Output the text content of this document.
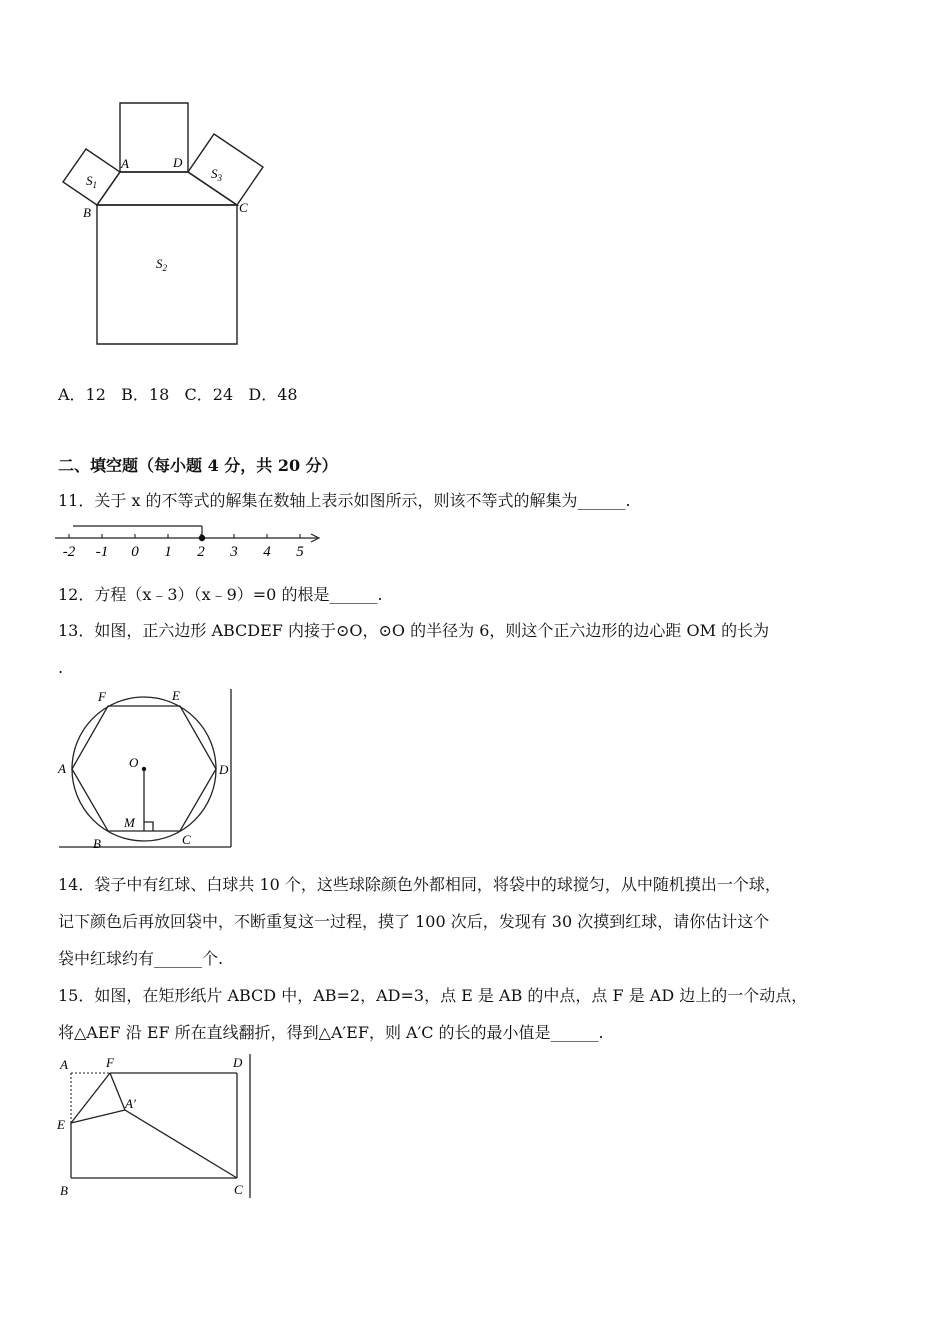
A	D
B	C
$S_1$
$S_3$
$S_2$
A．12   B．18   C．24   D．48
二、填空题（每小题 4 分，共 20 分）
11．关于 x 的不等式的解集在数轴上表示如图所示，则该不等式的解集为______.
-2 -1 0 1 2 3 4 5
12．方程（x﹣3）（x﹣9）=0 的根是______.
13．如图，正六边形 ABCDEF 内接于⊙O，⊙O 的半径为 6，则这个正六边形的边心距 OM 的长为
.
F	E
A	D
O
M
B	C
14．袋子中有红球、白球共 10 个，这些球除颜色外都相同，将袋中的球搅匀，从中随机摸出一个球，
记下颜色后再放回袋中，不断重复这一过程，摸了 100 次后，发现有 30 次摸到红球，请你估计这个
袋中红球约有______个.
15．如图，在矩形纸片 ABCD 中，AB=2，AD=3，点 E 是 AB 的中点，点 F 是 AD 边上的一个动点，
将△AEF 沿 EF 所在直线翻折，得到△A′EF，则 A′C 的长的最小值是______.
A	F	D
A′
E
B	C
